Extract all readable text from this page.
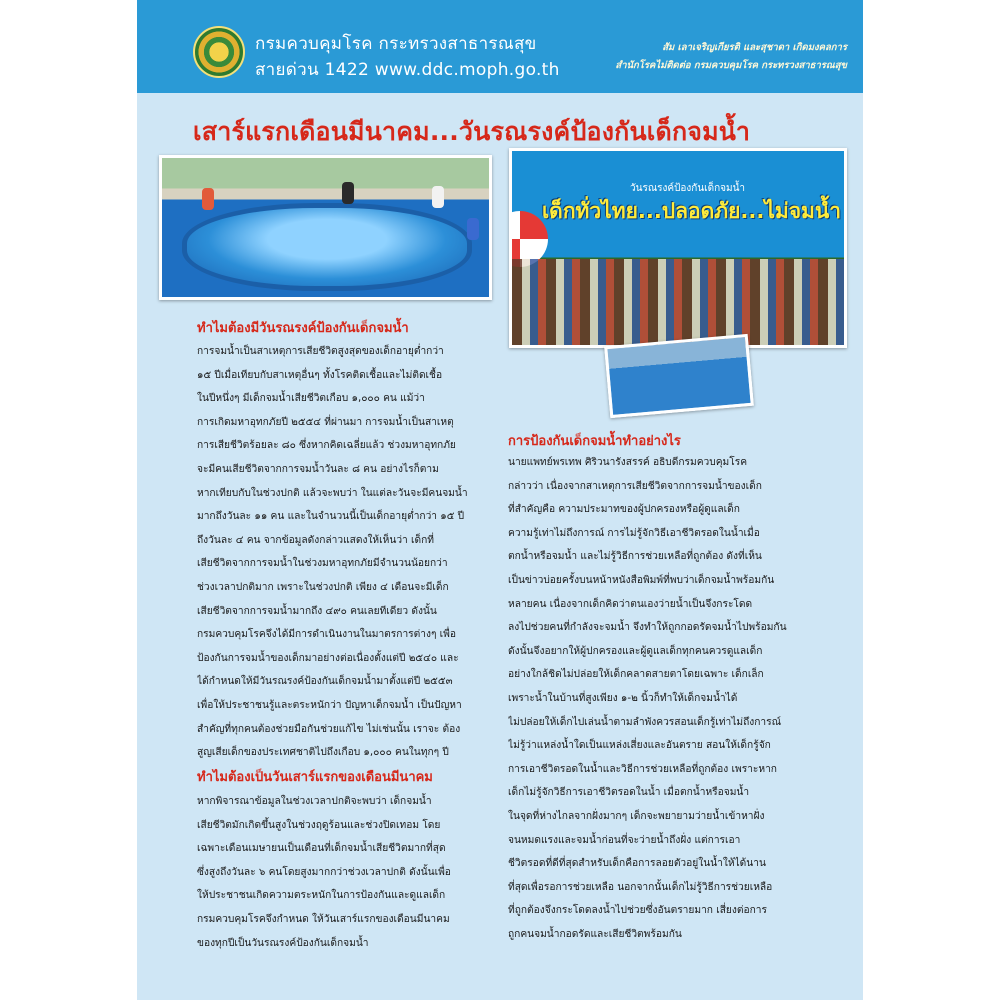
กรมควบคุมโรค กระทรวงสาธารณสุข
สายด่วน 1422 www.ddc.moph.go.th
สัม เลาเจริญเกียรติ และสุชาดา เกิดมงคลการ
สำนักโรคไม่ติดต่อ กรมควบคุมโรค กระทรวงสาธารณสุข
เสาร์แรกเดือนมีนาคม...วันรณรงค์ป้องกันเด็กจมน้ำ
วันรณรงค์ป้องกันเด็กจมน้ำ
เด็กทั่วไทย...ปลอดภัย...ไม่จมน้ำ
ทำไมต้องมีวันรณรงค์ป้องกันเด็กจมน้ำ
การจมน้ำเป็นสาเหตุการเสียชีวิตสูงสุดของเด็กอายุต่ำกว่า
๑๕ ปีเมื่อเทียบกับสาเหตุอื่นๆ ทั้งโรคติดเชื้อและไม่ติดเชื้อ
ในปีหนึ่งๆ มีเด็กจมน้ำเสียชีวิตเกือบ ๑,๐๐๐ คน แม้ว่า
การเกิดมหาอุทกภัยปี ๒๕๕๔ ที่ผ่านมา การจมน้ำเป็นสาเหตุ
การเสียชีวิตร้อยละ ๘๐ ซึ่งหากคิดเฉลี่ยแล้ว ช่วงมหาอุทกภัย
จะมีคนเสียชีวิตจากการจมน้ำวันละ ๘ คน อย่างไรก็ตาม
หากเทียบกับในช่วงปกติ แล้วจะพบว่า ในแต่ละวันจะมีคนจมน้ำ
มากถึงวันละ ๑๑ คน และในจำนวนนี้เป็นเด็กอายุต่ำกว่า ๑๕ ปี
ถึงวันละ ๔ คน จากข้อมูลดังกล่าวแสดงให้เห็นว่า เด็กที่
เสียชีวิตจากการจมน้ำในช่วงมหาอุทกภัยมีจำนวนน้อยกว่า
ช่วงเวลาปกติมาก เพราะในช่วงปกติ เพียง ๔ เดือนจะมีเด็ก
เสียชีวิตจากการจมน้ำมากถึง ๔๙๐ คนเลยทีเดียว ดังนั้น
กรมควบคุมโรคจึงได้มีการดำเนินงานในมาตรการต่างๆ เพื่อ
ป้องกันการจมน้ำของเด็กมาอย่างต่อเนื่องตั้งแต่ปี ๒๕๔๐ และ
ได้กำหนดให้มีวันรณรงค์ป้องกันเด็กจมน้ำมาตั้งแต่ปี ๒๕๕๓
เพื่อให้ประชาชนรู้และตระหนักว่า ปัญหาเด็กจมน้ำ เป็นปัญหา
สำคัญที่ทุกคนต้องช่วยมือกันช่วยแก้ไข ไม่เช่นนั้น เราจะ ต้อง
สูญเสียเด็กของประเทศชาติไปถึงเกือบ ๑,๐๐๐ คนในทุกๆ ปี
ทำไมต้องเป็นวันเสาร์แรกของเดือนมีนาคม
หากพิจารณาข้อมูลในช่วงเวลาปกติจะพบว่า เด็กจมน้ำ
เสียชีวิตมักเกิดขึ้นสูงในช่วงฤดูร้อนและช่วงปิดเทอม โดย
เฉพาะเดือนเมษายนเป็นเดือนที่เด็กจมน้ำเสียชีวิตมากที่สุด
ซึ่งสูงถึงวันละ ๖ คนโดยสูงมากกว่าช่วงเวลาปกติ ดังนั้นเพื่อ
ให้ประชาชนเกิดความตระหนักในการป้องกันและดูแลเด็ก
กรมควบคุมโรคจึงกำหนด ให้วันเสาร์แรกของเดือนมีนาคม
ของทุกปีเป็นวันรณรงค์ป้องกันเด็กจมน้ำ
การป้องกันเด็กจมน้ำทำอย่างไร
นายแพทย์พรเทพ ศิริวนารังสรรค์ อธิบดีกรมควบคุมโรค
กล่าวว่า เนื่องจากสาเหตุการเสียชีวิตจากการจมน้ำของเด็ก
ที่สำคัญคือ ความประมาทของผู้ปกครองหรือผู้ดูแลเด็ก
ความรู้เท่าไม่ถึงการณ์ การไม่รู้จักวิธีเอาชีวิตรอดในน้ำเมื่อ
ตกน้ำหรือจมน้ำ และไม่รู้วิธีการช่วยเหลือที่ถูกต้อง ดังที่เห็น
เป็นข่าวบ่อยครั้งบนหน้าหนังสือพิมพ์ที่พบว่าเด็กจมน้ำพร้อมกัน
หลายคน เนื่องจากเด็กคิดว่าตนเองว่ายน้ำเป็นจึงกระโดด
ลงไปช่วยคนที่กำลังจะจมน้ำ จึงทำให้ถูกกอดรัดจมน้ำไปพร้อมกัน
ดังนั้นจึงอยากให้ผู้ปกครองและผู้ดูแลเด็กทุกคนควรดูแลเด็ก
อย่างใกล้ชิดไม่ปล่อยให้เด็กคลาดสายตาโดยเฉพาะ เด็กเล็ก
เพราะน้ำในบ้านที่สูงเพียง ๑-๒ นิ้วก็ทำให้เด็กจมน้ำได้
ไม่ปล่อยให้เด็กไปเล่นน้ำตามลำพังควรสอนเด็กรู้เท่าไม่ถึงการณ์
ไม่รู้ว่าแหล่งน้ำใดเป็นแหล่งเสี่ยงและอันตราย สอนให้เด็กรู้จัก
การเอาชีวิตรอดในน้ำและวิธีการช่วยเหลือที่ถูกต้อง เพราะหาก
เด็กไม่รู้จักวิธีการเอาชีวิตรอดในน้ำ เมื่อตกน้ำหรือจมน้ำ
ในจุดที่ห่างไกลจากฝั่งมากๆ เด็กจะพยายามว่ายน้ำเข้าหาฝั่ง
จนหมดแรงและจมน้ำก่อนที่จะว่ายน้ำถึงฝั่ง แต่การเอา
ชีวิตรอดที่ดีที่สุดสำหรับเด็กคือการลอยตัวอยู่ในน้ำให้ได้นาน
ที่สุดเพื่อรอการช่วยเหลือ นอกจากนั้นเด็กไม่รู้วิธีการช่วยเหลือ
ที่ถูกต้องจึงกระโดดลงน้ำไปช่วยซึ่งอันตรายมาก เสี่ยงต่อการ
ถูกคนจมน้ำกอดรัดและเสียชีวิตพร้อมกัน
